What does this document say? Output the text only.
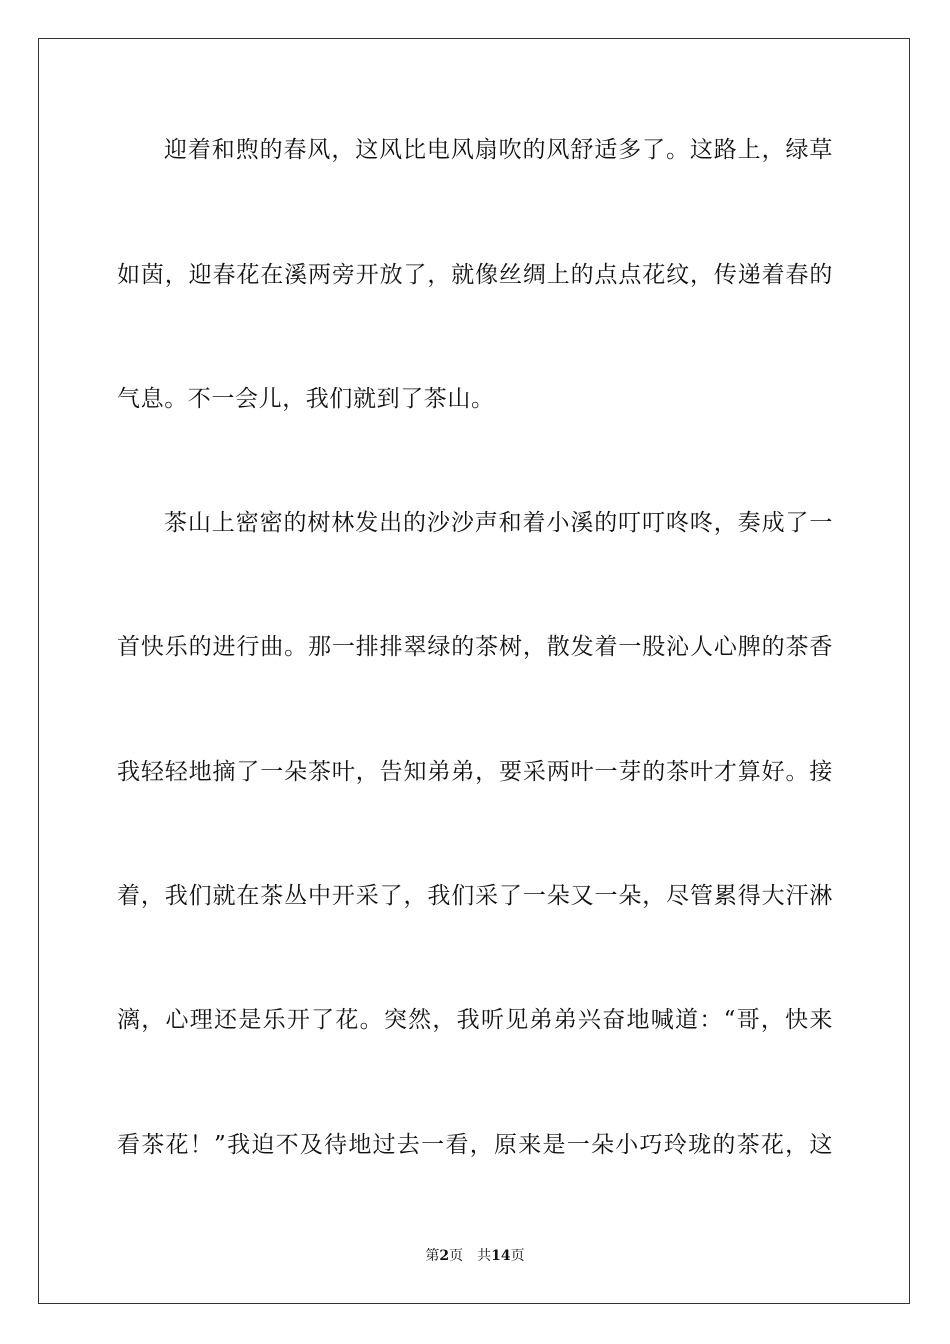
迎着和煦的春风，这风比电风扇吹的风舒适多了。这路上，绿草
如茵，迎春花在溪两旁开放了，就像丝绸上的点点花纹，传递着春的
气息。不一会儿，我们就到了茶山。
茶山上密密的树林发出的沙沙声和着小溪的叮叮咚咚，奏成了一
首快乐的进行曲。那一排排翠绿的茶树，散发着一股沁人心脾的茶香
我轻轻地摘了一朵茶叶，告知弟弟，要采两叶一芽的茶叶才算好。接
着，我们就在茶丛中开采了，我们采了一朵又一朵，尽管累得大汗淋
漓，心理还是乐开了花。突然，我听见弟弟兴奋地喊道：“哥，快来
看茶花！”我迫不及待地过去一看，原来是一朵小巧玲珑的茶花，这
第2页 共14页
